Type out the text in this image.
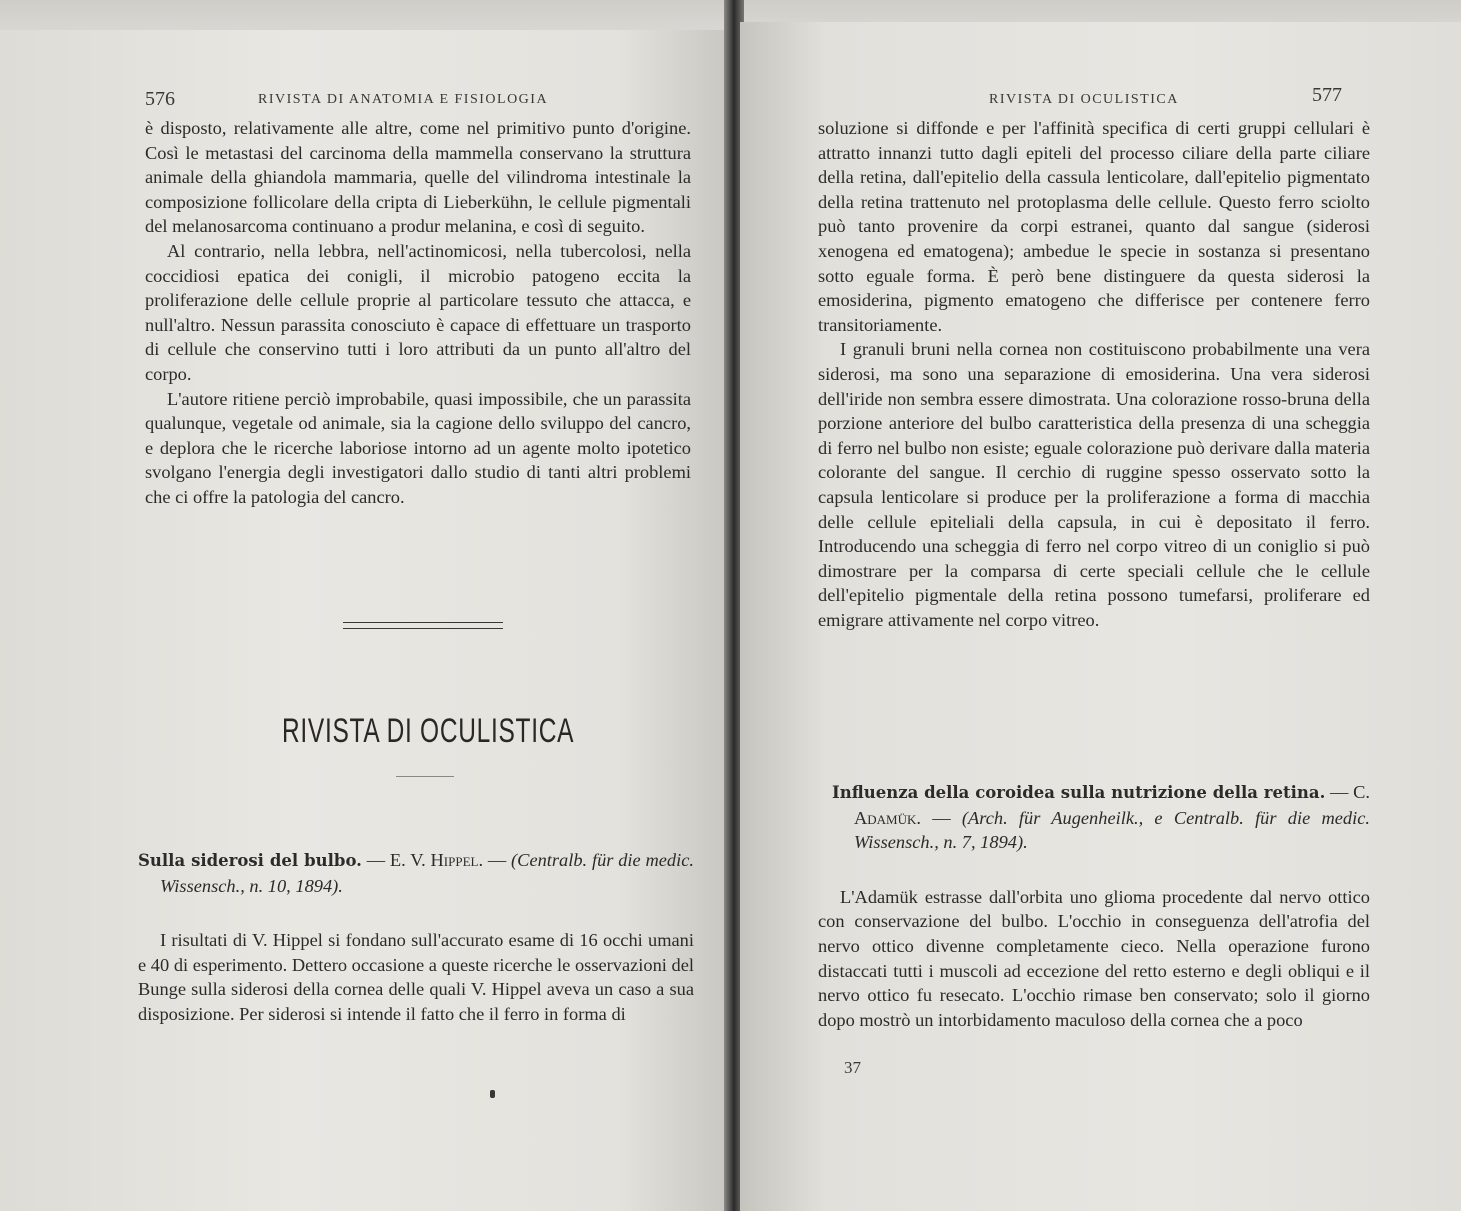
576	RIVISTA DI ANATOMIA E FISIOLOGIA

è disposto, relativamente alle altre, come nel primitivo punto d'origine. Così le metastasi del carcinoma della mammella conservano la struttura animale della ghiandola mammaria, quelle del vilindroma intestinale la composizione follicolare della cripta di Lieberkühn, le cellule pigmentali del melanosarcoma continuano a produr melanina, e così di seguito.

Al contrario, nella lebbra, nell'actinomicosi, nella tubercolosi, nella coccidiosi epatica dei conigli, il microbio patogeno eccita la proliferazione delle cellule proprie al particolare tessuto che attacca, e null'altro. Nessun parassita conosciuto è capace di effettuare un trasporto di cellule che conservino tutti i loro attributi da un punto all'altro del corpo.

L'autore ritiene perciò improbabile, quasi impossibile, che un parassita qualunque, vegetale od animale, sia la cagione dello sviluppo del cancro, e deplora che le ricerche laboriose intorno ad un agente molto ipotetico svolgano l'energia degli investigatori dallo studio di tanti altri problemi che ci offre la patologia del cancro.

RIVISTA DI OCULISTICA

Sulla siderosi del bulbo. — E. V. Hippel. — (Centralb. für die medic. Wissensch., n. 10, 1894).

I risultati di V. Hippel si fondano sull'accurato esame di 16 occhi umani e 40 di esperimento. Dettero occasione a queste ricerche le osservazioni del Bunge sulla siderosi della cornea delle quali V. Hippel aveva un caso a sua disposizione. Per siderosi si intende il fatto che il ferro in forma di

RIVISTA DI OCULISTICA	577

soluzione si diffonde e per l'affinità specifica di certi gruppi cellulari è attratto innanzi tutto dagli epiteli del processo ciliare della parte ciliare della retina, dall'epitelio della cassula lenticolare, dall'epitelio pigmentato della retina trattenuto nel protoplasma delle cellule. Questo ferro sciolto può tanto provenire da corpi estranei, quanto dal sangue (siderosi xenogena ed ematogena); ambedue le specie in sostanza si presentano sotto eguale forma. È però bene distinguere da questa siderosi la emosiderina, pigmento ematogeno che differisce per contenere ferro transitoriamente.

I granuli bruni nella cornea non costituiscono probabilmente una vera siderosi, ma sono una separazione di emosiderina. Una vera siderosi dell'iride non sembra essere dimostrata. Una colorazione rosso-bruna della porzione anteriore del bulbo caratteristica della presenza di una scheggia di ferro nel bulbo non esiste; eguale colorazione può derivare dalla materia colorante del sangue. Il cerchio di ruggine spesso osservato sotto la capsula lenticolare si produce per la proliferazione a forma di macchia delle cellule epiteliali della capsula, in cui è depositato il ferro. Introducendo una scheggia di ferro nel corpo vitreo di un coniglio si può dimostrare per la comparsa di certe speciali cellule che le cellule dell'epitelio pigmentale della retina possono tumefarsi, proliferare ed emigrare attivamente nel corpo vitreo.

Influenza della coroidea sulla nutrizione della retina. — C. Adamük. — (Arch. für Augenheilk., e Centralb. für die medic. Wissensch., n. 7, 1894).

L'Adamük estrasse dall'orbita uno glioma procedente dal nervo ottico con conservazione del bulbo. L'occhio in conseguenza dell'atrofia del nervo ottico divenne completamente cieco. Nella operazione furono distaccati tutti i muscoli ad eccezione del retto esterno e degli obliqui e il nervo ottico fu resecato. L'occhio rimase ben conservato; solo il giorno dopo mostrò un intorbidamento maculoso della cornea che a poco

37
